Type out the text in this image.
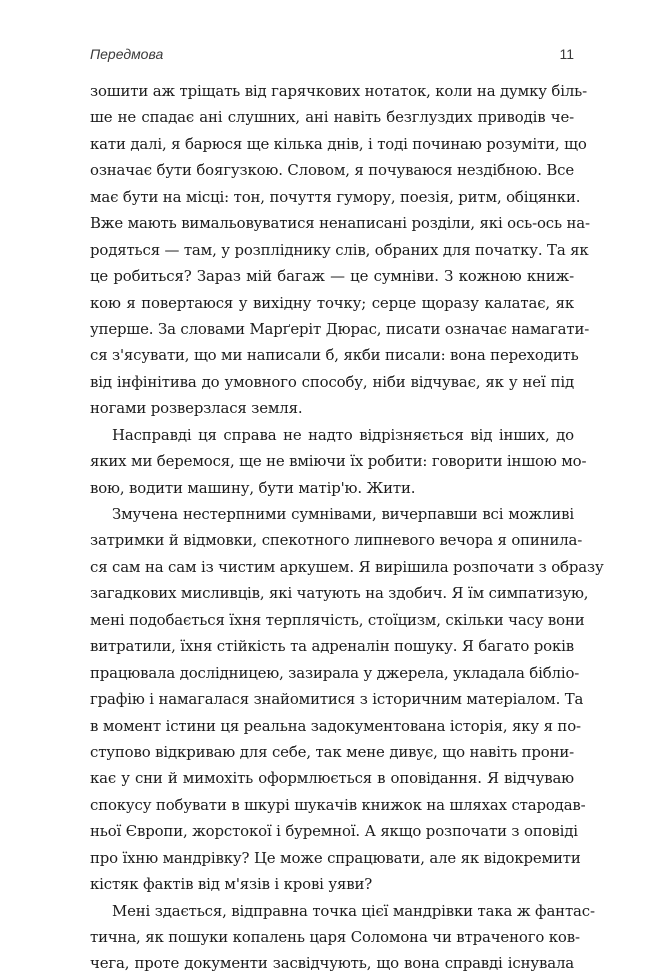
Передмова	11
зошити аж тріщать від гарячкових нотаток, коли на думку біль-
ше не спадає ані слушних, ані навіть безглуздих приводів че-
кати далі, я барюся ще кілька днів, і тоді починаю розуміти, що
означає бути боягузкою. Словом, я почуваюся нездібною. Все
має бути на місці: тон, почуття гумору, поезія, ритм, обіцянки.
Вже мають вимальовуватися ненаписані розділи, які ось-ось на-
родяться — там, у розпліднику слів, обраних для початку. Та як
це робиться? Зараз мій багаж — це сумніви. З кожною книж-
кою я повертаюся у вихідну точку; серце щоразу калатає, як
уперше. За словами Марґеріт Дюрас, писати означає намагати-
ся з'ясувати, що ми написали б, якби писали: вона переходить
від інфінітива до умовного способу, ніби відчуває, як у неї під
ногами розверзлася земля.
Насправді ця справа не надто відрізняється від інших, до
яких ми беремося, ще не вміючи їх робити: говорити іншою мо-
вою, водити машину, бути матір'ю. Жити.
Змучена нестерпними сумнівами, вичерпавши всі можливі
затримки й відмовки, спекотного липневого вечора я опинила-
ся сам на сам із чистим аркушем. Я вирішила розпочати з образу
загадкових мисливців, які чатують на здобич. Я їм симпатизую,
мені подобається їхня терплячість, стоїцизм, скільки часу вони
витратили, їхня стійкість та адреналін пошуку. Я багато років
працювала дослідницею, зазирала у джерела, укладала бібліо-
графію і намагалася знайомитися з історичним матеріалом. Та
в момент істини ця реальна задокументована історія, яку я по-
ступово відкриваю для себе, так мене дивує, що навіть прони-
кає у сни й мимохіть оформлюється в оповідання. Я відчуваю
спокусу побувати в шкурі шукачів книжок на шляхах стародав-
ньої Європи, жорстокої і буремної. А якщо розпочати з оповіді
про їхню мандрівку? Це може спрацювати, але як відокремити
кістяк фактів від м'язів і крові уяви?
Мені здається, відправна точка цієї мандрівки така ж фантас-
тична, як пошуки копалень царя Соломона чи втраченого ков-
чега, проте документи засвідчують, що вона справді існувала
